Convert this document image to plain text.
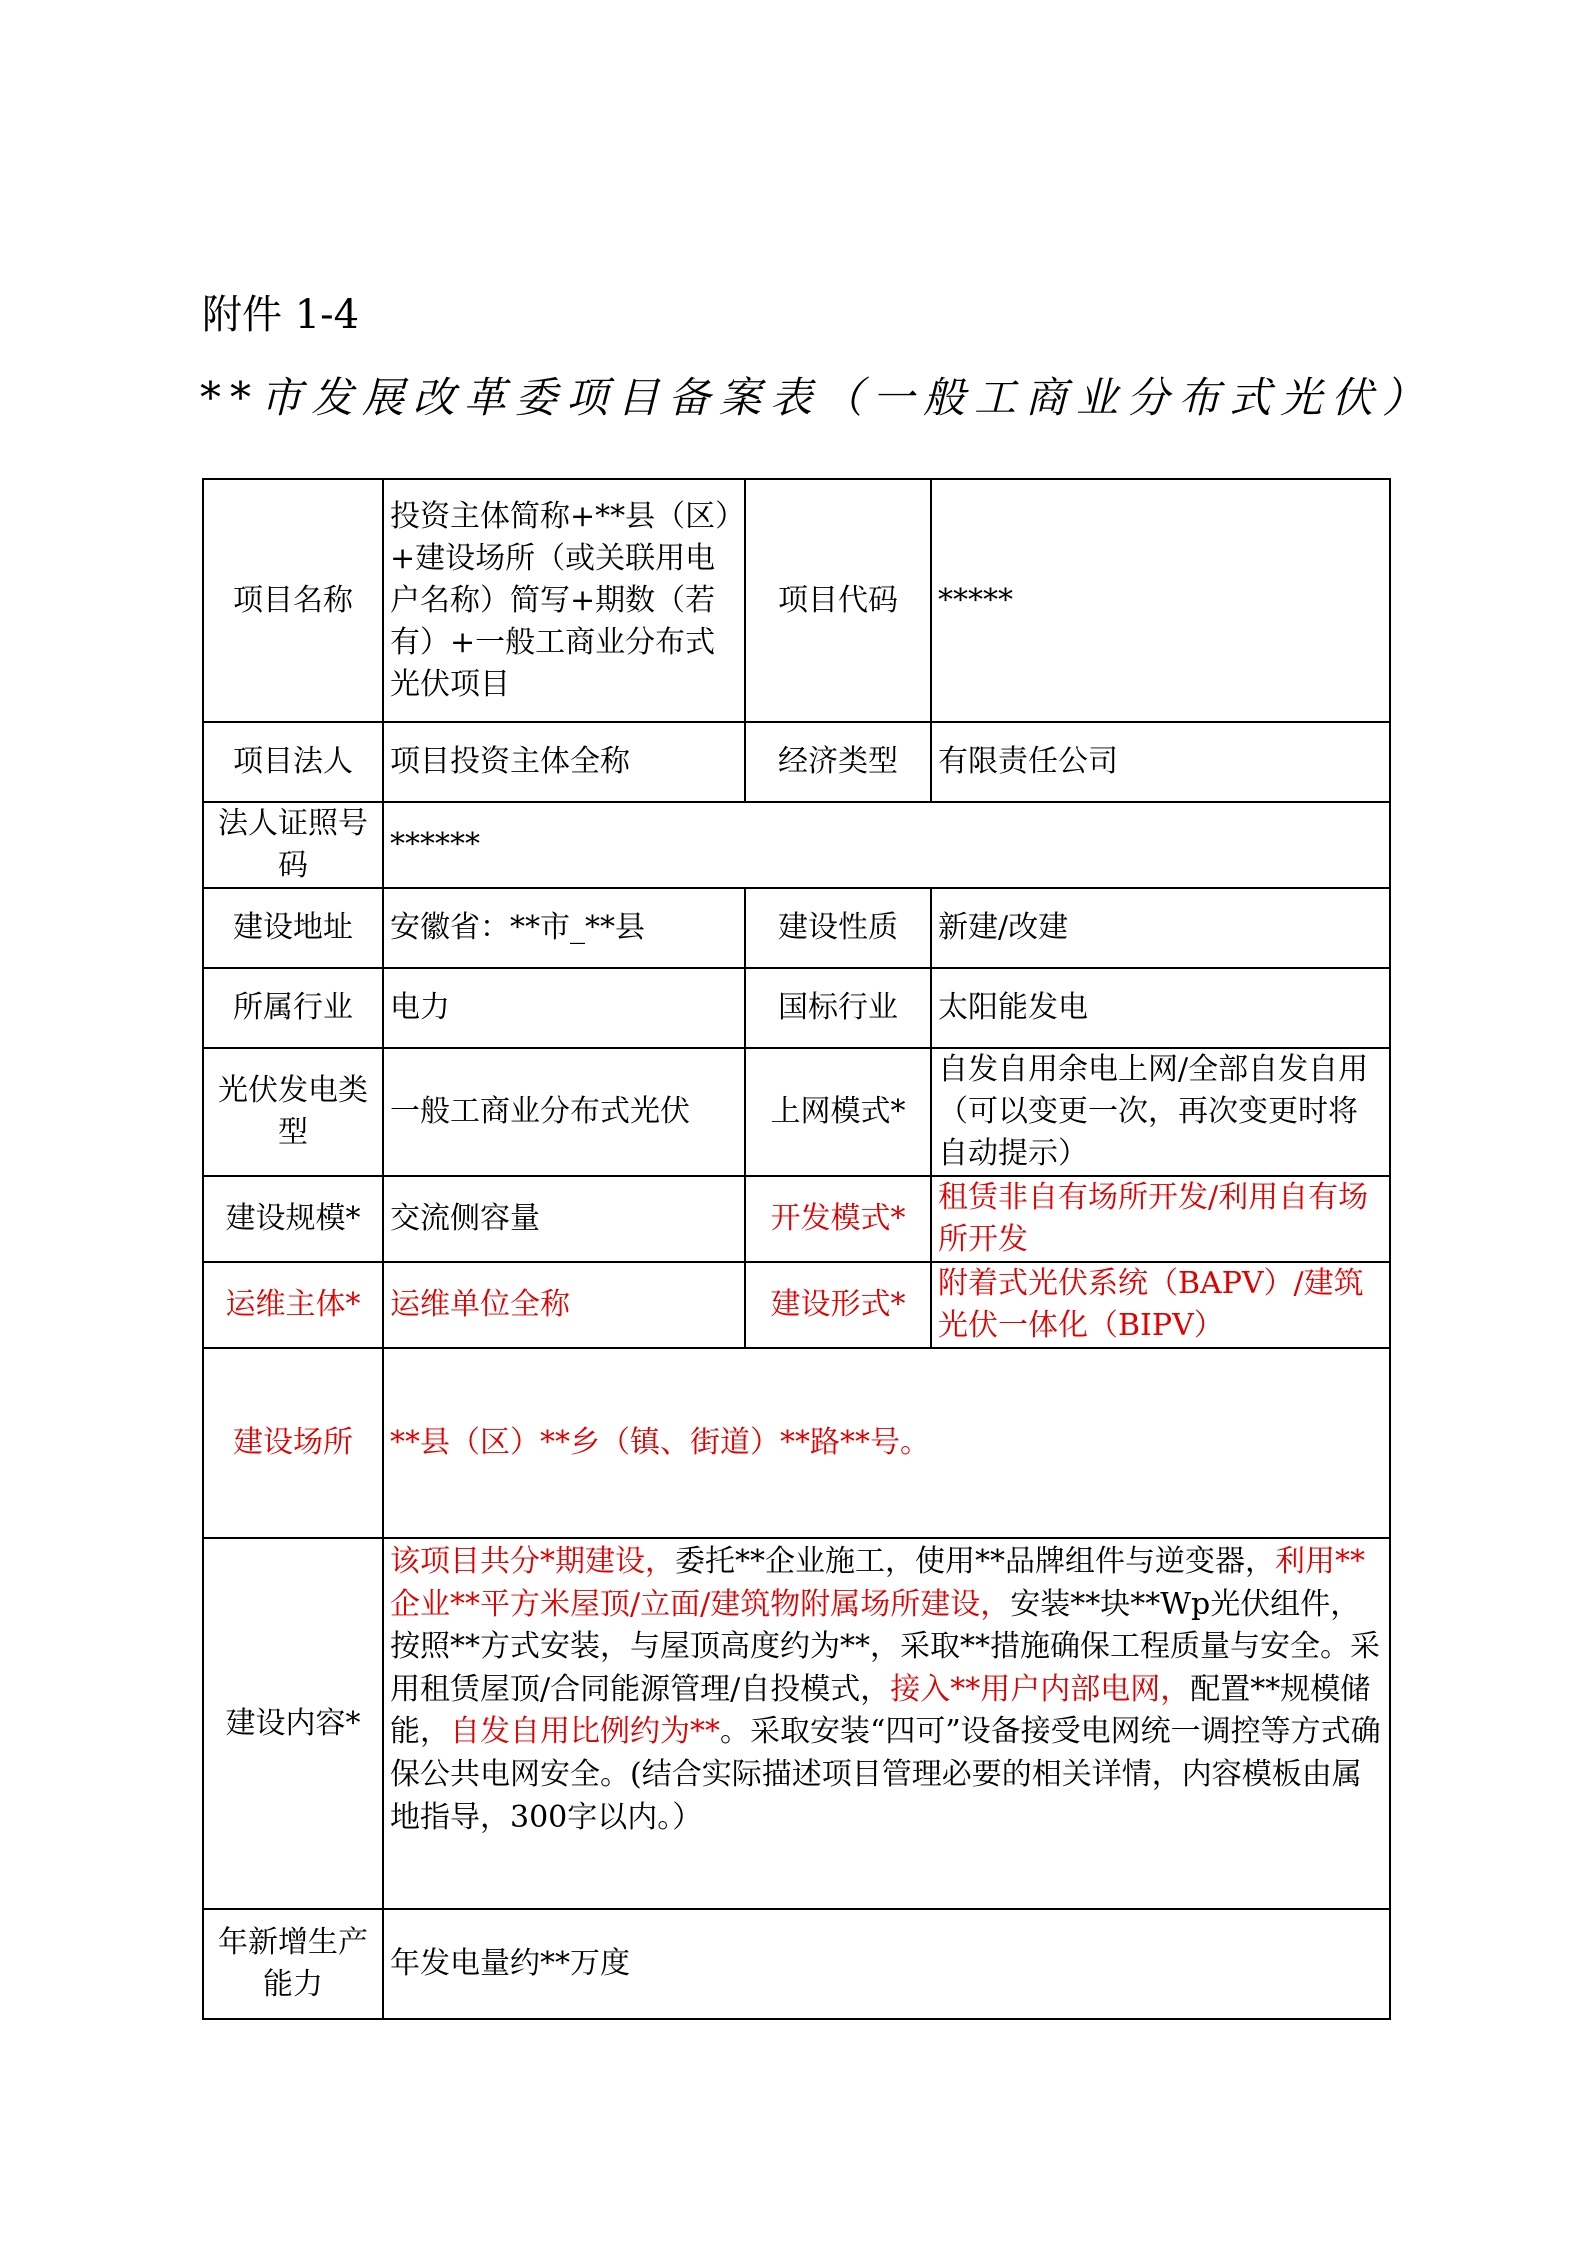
附件 1-4
**市发展改革委项目备案表（一般工商业分布式光伏）
项目名称	投资主体简称+**县（区）+建设场所（或关联用电户名称）简写+期数（若有）+一般工商业分布式光伏项目	项目代码	*****
项目法人	项目投资主体全称	经济类型	有限责任公司
法人证照号码	******		
建设地址	安徽省：**市_**县	建设性质	新建/改建
所属行业	电力	国标行业	太阳能发电
光伏发电类型	一般工商业分布式光伏	上网模式*	自发自用余电上网/全部自发自用（可以变更一次，再次变更时将自动提示）
建设规模*	交流侧容量	开发模式*	租赁非自有场所开发/利用自有场所开发
运维主体*	运维单位全称	建设形式*	附着式光伏系统（BAPV）/建筑光伏一体化（BIPV）
建设场所	**县（区）**乡（镇、街道）**路**号。		
建设内容*	该项目共分*期建设，委托**企业施工，使用**品牌组件与逆变器，利用**企业**平方米屋顶/立面/建筑物附属场所建设，安装**块**Wp光伏组件，按照**方式安装，与屋顶高度约为**，采取**措施确保工程质量与安全。采用租赁屋顶/合同能源管理/自投模式，接入**用户内部电网，配置**规模储能，自发自用比例约为**。采取安装“四可”设备接受电网统一调控等方式确保公共电网安全。(结合实际描述项目管理必要的相关详情，内容模板由属地指导，300字以内。）		
年新增生产能力	年发电量约**万度		
